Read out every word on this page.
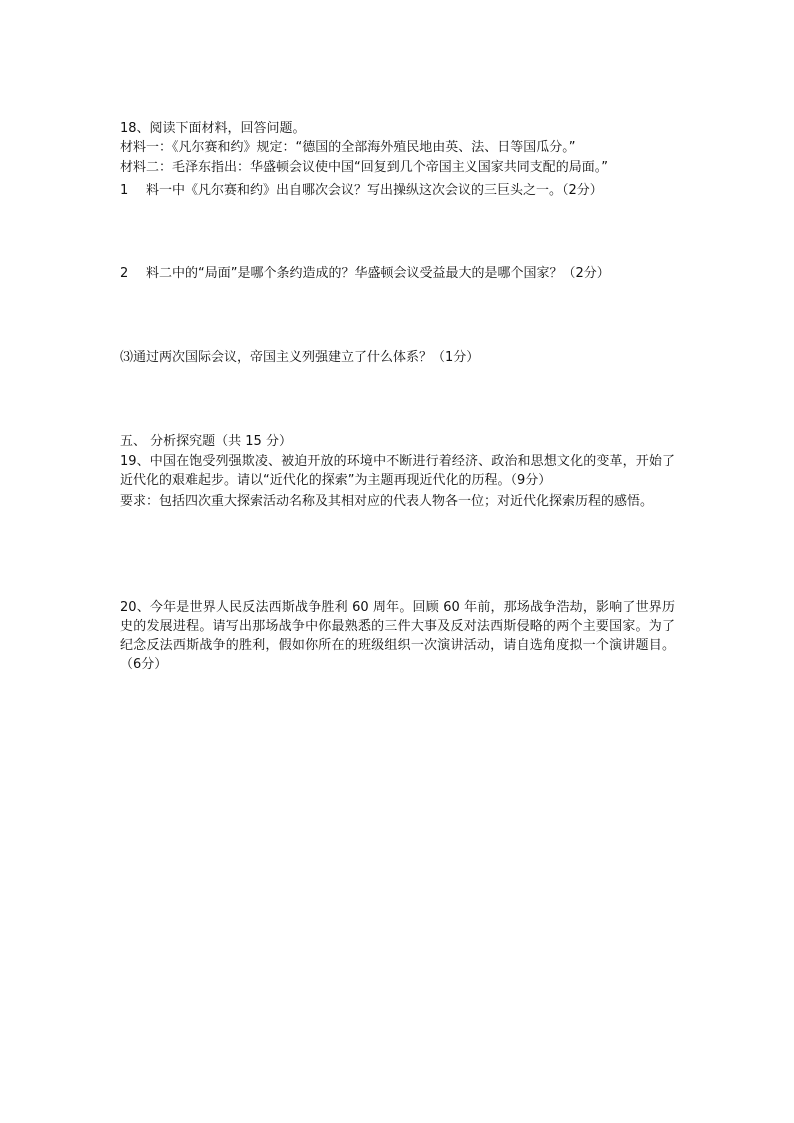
18、阅读下面材料，回答问题。
材料一：《凡尔赛和约》规定：“德国的全部海外殖民地由英、法、日等国瓜分。”
材料二：毛泽东指出：华盛顿会议使中国“回复到几个帝国主义国家共同支配的局面。”
1 料一中《凡尔赛和约》出自哪次会议？写出操纵这次会议的三巨头之一。（2分）
2 料二中的“局面”是哪个条约造成的？华盛顿会议受益最大的是哪个国家？（2分）
⑶通过两次国际会议，帝国主义列强建立了什么体系？（1分）
五、 分析探究题（共 15 分）
19、中国在饱受列强欺凌、被迫开放的环境中不断进行着经济、政治和思想文化的变革，开始了近代化的艰难起步。请以“近代化的探索”为主题再现近代化的历程。（9分）
要求：包括四次重大探索活动名称及其相对应的代表人物各一位；对近代化探索历程的感悟。
20、今年是世界人民反法西斯战争胜利 60 周年。回顾 60 年前，那场战争浩劫，影响了世界历史的发展进程。请写出那场战争中你最熟悉的三件大事及反对法西斯侵略的两个主要国家。为了纪念反法西斯战争的胜利，假如你所在的班级组织一次演讲活动，请自选角度拟一个演讲题目。（6分）
